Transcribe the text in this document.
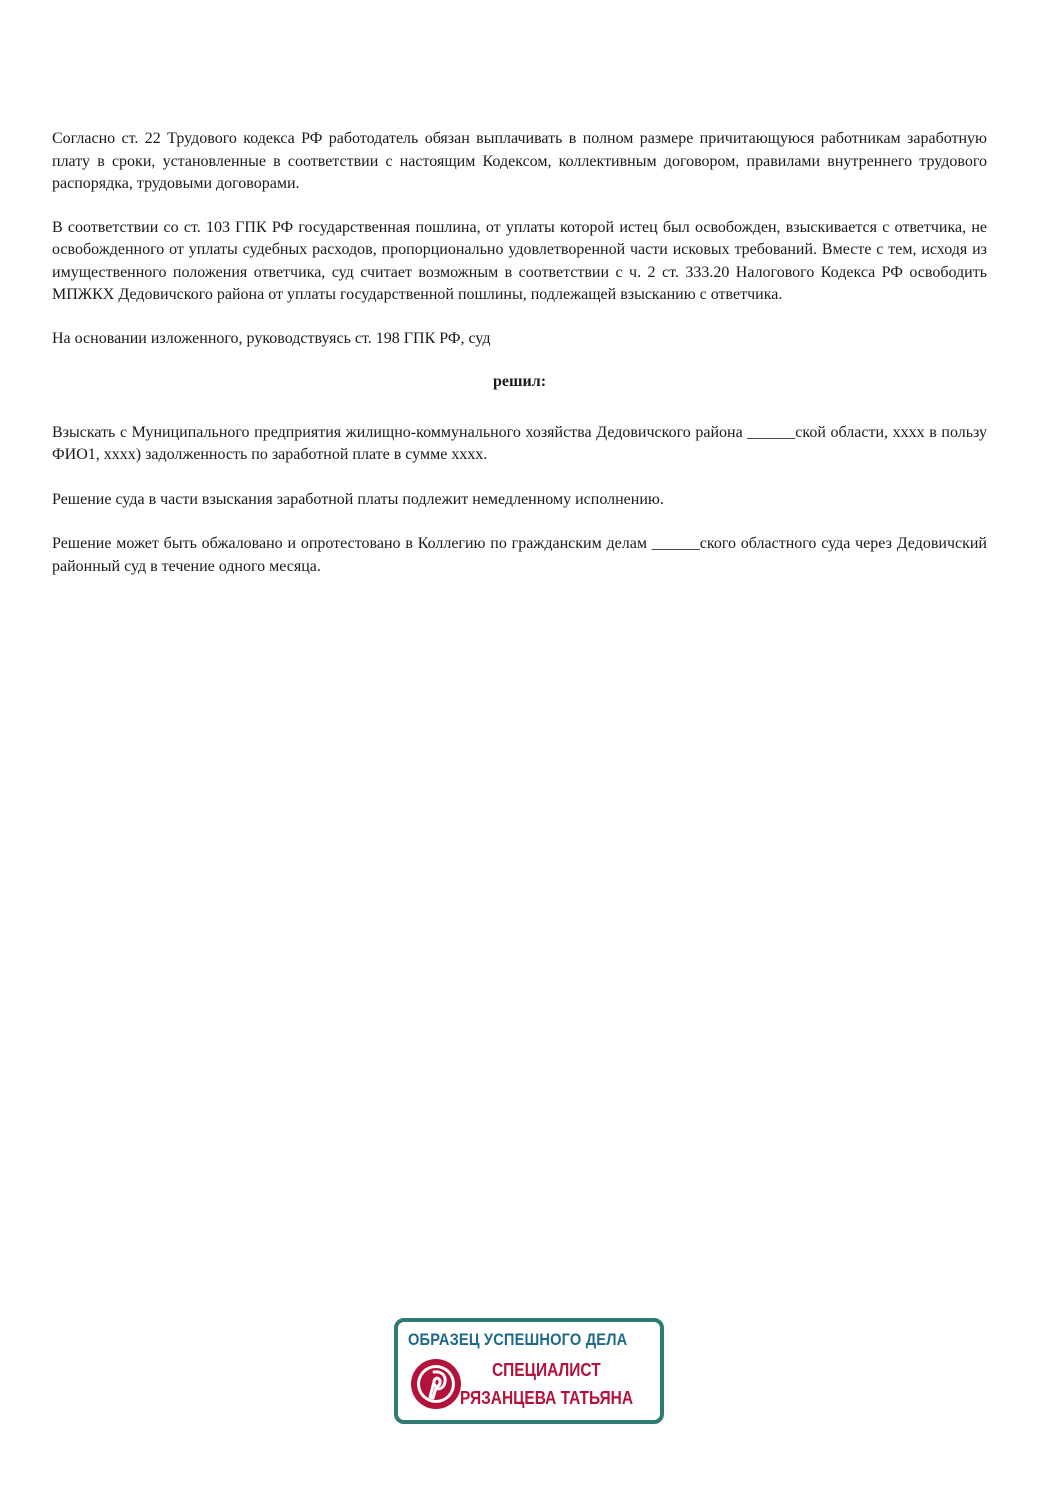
Согласно ст. 22 Трудового кодекса РФ работодатель обязан выплачивать в полном размере причитающуюся работникам заработную плату в сроки, установленные в соответствии с настоящим Кодексом, коллективным договором, правилами внутреннего трудового распорядка, трудовыми договорами.

В соответствии со ст. 103 ГПК РФ государственная пошлина, от уплаты которой истец был освобожден, взыскивается с ответчика, не освобожденного от уплаты судебных расходов, пропорционально удовлетворенной части исковых требований. Вместе с тем, исходя из имущественного положения ответчика, суд считает возможным в соответствии с ч. 2 ст. 333.20 Налогового Кодекса РФ освободить МПЖКХ Дедовичского района от уплаты государственной пошлины, подлежащей взысканию с ответчика.

На основании изложенного, руководствуясь ст. 198 ГПК РФ, суд

решил:

Взыскать с Муниципального предприятия жилищно-коммунального хозяйства Дедовичского района ______ской области, хххх в пользу ФИО1, хххх) задолженность по заработной плате в сумме хххх.

Решение суда в части взыскания заработной платы подлежит немедленному исполнению.

Решение может быть обжаловано и опротестовано в Коллегию по гражданским делам ______ского областного суда через Дедовичский районный суд в течение одного месяца.

ОБРАЗЕЦ УСПЕШНОГО ДЕЛА
СПЕЦИАЛИСТ
РЯЗАНЦЕВА ТАТЬЯНА
